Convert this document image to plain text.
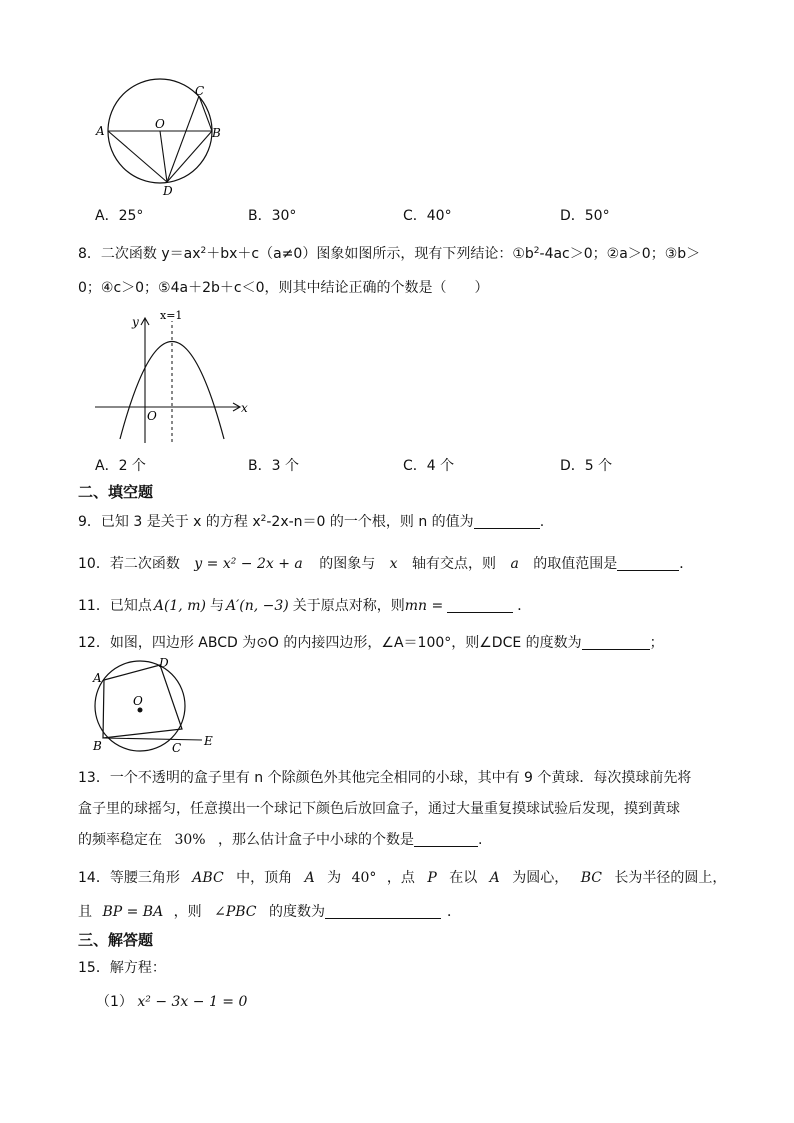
A	O
B
C
D
A．25°	B．30°	C．40°	D．50°
8．二次函数 $y=ax^2+bx+c(a\ne 0)$图象如图所示，现有下列结论：$①b^2-4ac>0$；②a＞0；③b＞
0；④c＞0；⑤4a＋2b＋c＜0，则其中结论正确的个数是（　　）
y
x
O
x=1
A．2 个	B．3 个	C．4 个	D．5 个
二、填空题
9．已知 3 是关于 x 的方程 $x^2-2x-n=0$ 的一个根，则 n 的值为	.
10．若二次函数 y = x² − 2x + a 的图象与 x 轴有交点，则 a 的取值范围是	．
11．已知点 A(1, m) 与 A′(n, −3) 关于原点对称，则mn =	．
12．如图，四边形 ABCD 为⊙O 的内接四边形，∠A＝100°，则∠DCE 的度数为	；
A
D
O
B	C E
13．一个不透明的盒子里有 n 个除颜色外其他完全相同的小球，其中有 9 个黄球．每次摸球前先将
盒子里的球摇匀，任意摸出一个球记下颜色后放回盒子，通过大量重复摸球试验后发现，摸到黄球
的频率稳定在 30% ，那么估计盒子中小球的个数是	.
14．等腰三角形 ABC 中，顶角 A 为 40° ，点 P 在以 A 为圆心， BC 长为半径的圆上，
且 BP = BA ，则 ∠PBC 的度数为	．
三、解答题
15．解方程：
（1） x² − 3x − 1 = 0
